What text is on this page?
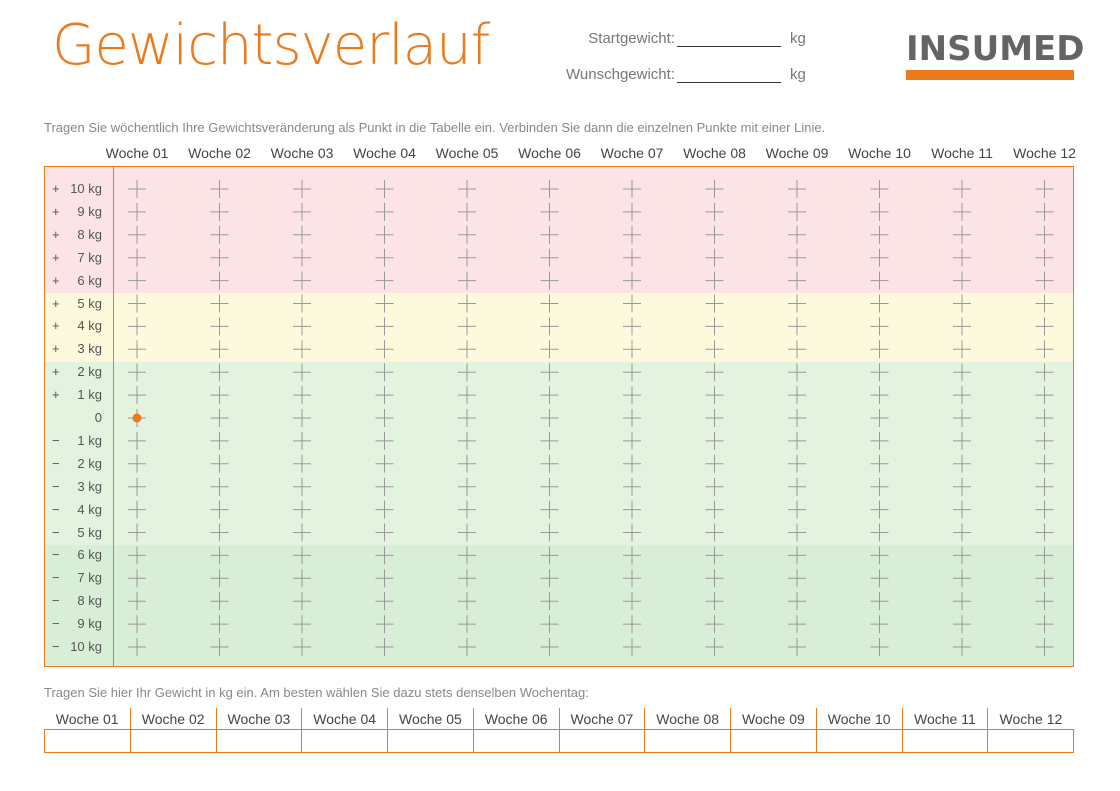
Gewichtsverlauf	Startgewicht:	kg
Wunschgewicht:	kg
INSUMED
Tragen Sie wöchentlich Ihre Gewichtsveränderung als Punkt in die Tabelle ein. Verbinden Sie dann die einzelnen Punkte mit einer Linie.
Woche 01 Woche 02 Woche 03 Woche 04 Woche 05 Woche 06 Woche 07 Woche 08 Woche 09 Woche 10 Woche 11 Woche 12
+ 10 kg
+ 9 kg
+ 8 kg
+ 7 kg
+ 6 kg
+ 5 kg
+ 4 kg
+ 3 kg
+ 2 kg
+ 1 kg
0
− 1 kg
− 2 kg
− 3 kg
− 4 kg
− 5 kg
− 6 kg
− 7 kg
− 8 kg
− 9 kg
− 10 kg
Tragen Sie hier Ihr Gewicht in kg ein. Am besten wählen Sie dazu stets denselben Wochentag:
Woche 01	Woche 02	Woche 03	Woche 04	Woche 05	Woche 06	Woche 07	Woche 08	Woche 09	Woche 10	Woche 11	Woche 12
